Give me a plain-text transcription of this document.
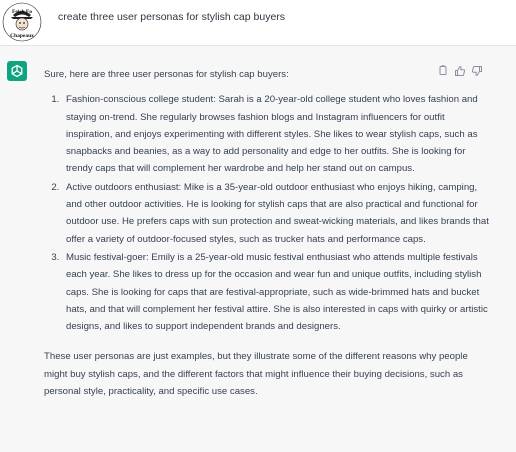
Feish Fo
Chapeaux
create three user personas for stylish cap buyers

Sure, here are three user personas for stylish cap buyers:

1. Fashion-conscious college student: Sarah is a 20-year-old college student who loves fashion and staying on-trend. She regularly browses fashion blogs and Instagram influencers for outfit inspiration, and enjoys experimenting with different styles. She likes to wear stylish caps, such as snapbacks and beanies, as a way to add personality and edge to her outfits. She is looking for trendy caps that will complement her wardrobe and help her stand out on campus.
2. Active outdoors enthusiast: Mike is a 35-year-old outdoor enthusiast who enjoys hiking, camping, and other outdoor activities. He is looking for stylish caps that are also practical and functional for outdoor use. He prefers caps with sun protection and sweat-wicking materials, and likes brands that offer a variety of outdoor-focused styles, such as trucker hats and performance caps.
3. Music festival-goer: Emily is a 25-year-old music festival enthusiast who attends multiple festivals each year. She likes to dress up for the occasion and wear fun and unique outfits, including stylish caps. She is looking for caps that are festival-appropriate, such as wide-brimmed hats and bucket hats, and that will complement her festival attire. She is also interested in caps with quirky or artistic designs, and likes to support independent brands and designers.

These user personas are just examples, but they illustrate some of the different reasons why people might buy stylish caps, and the different factors that might influence their buying decisions, such as personal style, practicality, and specific use cases.
